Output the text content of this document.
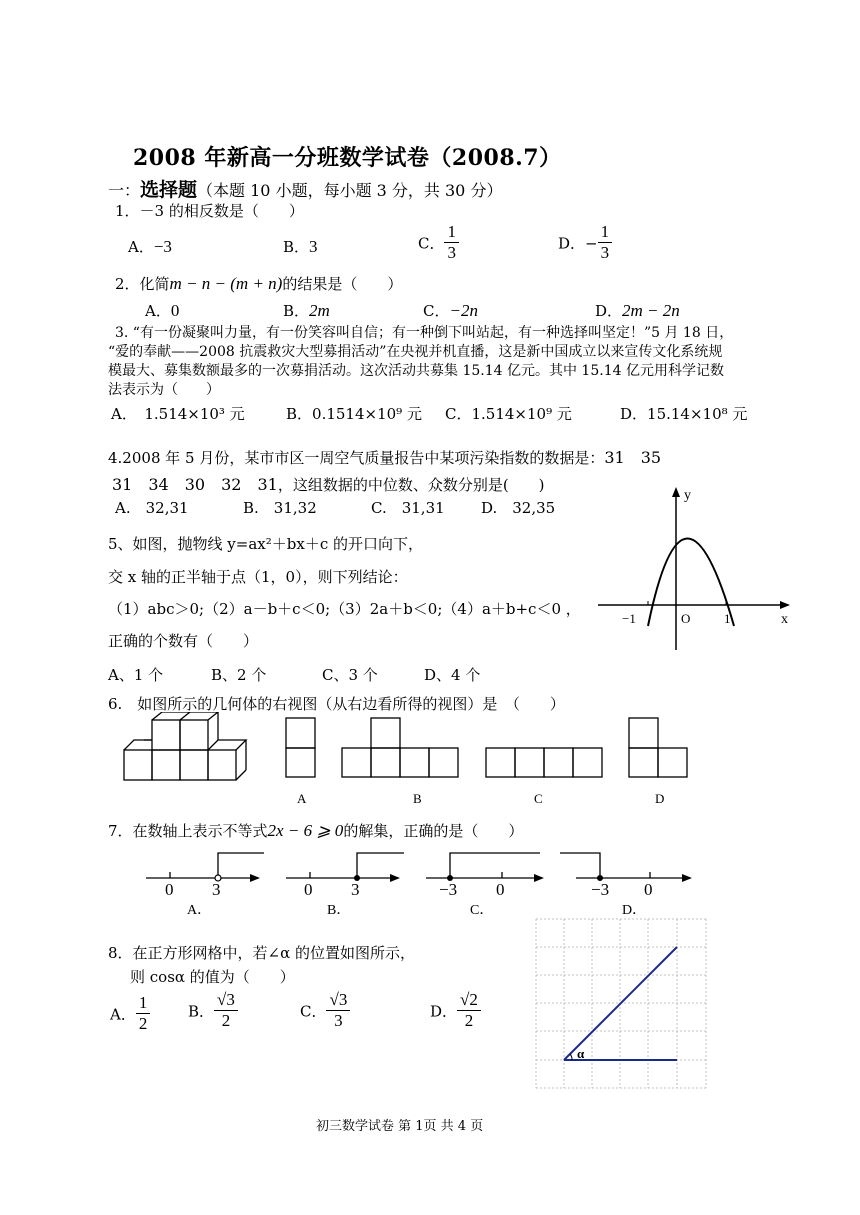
2008 年新高一分班数学试卷（2008.7）
一：选择题（本题 10 小题，每小题 3 分，共 30 分）
1．－3 的相反数是（　　）
A．−3	B．3	C． $\frac{1}{3}$	D．− $\frac{1}{3}$
2．化简m − n − (m + n)的结果是（　　）
A．0	B．2m	C．−2n	D．2m − 2n
3. “有一份凝聚叫力量，有一份笑容叫自信；有一种倒下叫站起，有一种选择叫坚定！”5 月 18 日，
“爱的奉献——2008 抗震救灾大型募捐活动”在央视并机直播，这是新中国成立以来宣传文化系统规
模最大、募集数额最多的一次募捐活动。这次活动共募集 15.14 亿元。其中 15.14 亿元用科学记数
法表示为（　　）
A．　1.514×10³ 元	B．0.1514×10⁹ 元 C．1.514×10⁹ 元	D．15.14×10⁸ 元
4.2008 年 5 月份，某市市区一周空气质量报告中某项污染指数的数据是：31　35
31　34　30　32　31，这组数据的中位数、众数分别是(　　)
A.　32,31	B.　31,32	C.　31,31 D.　32,35
5、如图，抛物线 y=ax²＋bx＋c 的开口向下，
交 x 轴的正半轴于点（1，0），则下列结论：
（1）abc＞0;（2）a－b＋c＜0;（3）2a＋b＜0;（4）a＋b+c＜0 ，
正确的个数有（　　）
A、1 个	B、2 个	C、3 个	D、4 个
y
x
−1	O	1
6.　如图所示的几何体的右视图（从右边看所得的视图）是　（　　）
A	B	C	D
7．在数轴上表示不等式2x − 6 ⩾ 0的解集，正确的是（　　）
0 3
A．
0 3
B．
−3 0
C．
−3 0
D．
8．在正方形网格中，若∠α 的位置如图所示，
则 cosα 的值为（　　）
A． $\frac{1}{2}$	B． $\frac{√3}{2}$	C． $\frac{√3}{3}$	D． $\frac{√2}{2}$
α
初三数学试卷 第 1页 共 4 页
